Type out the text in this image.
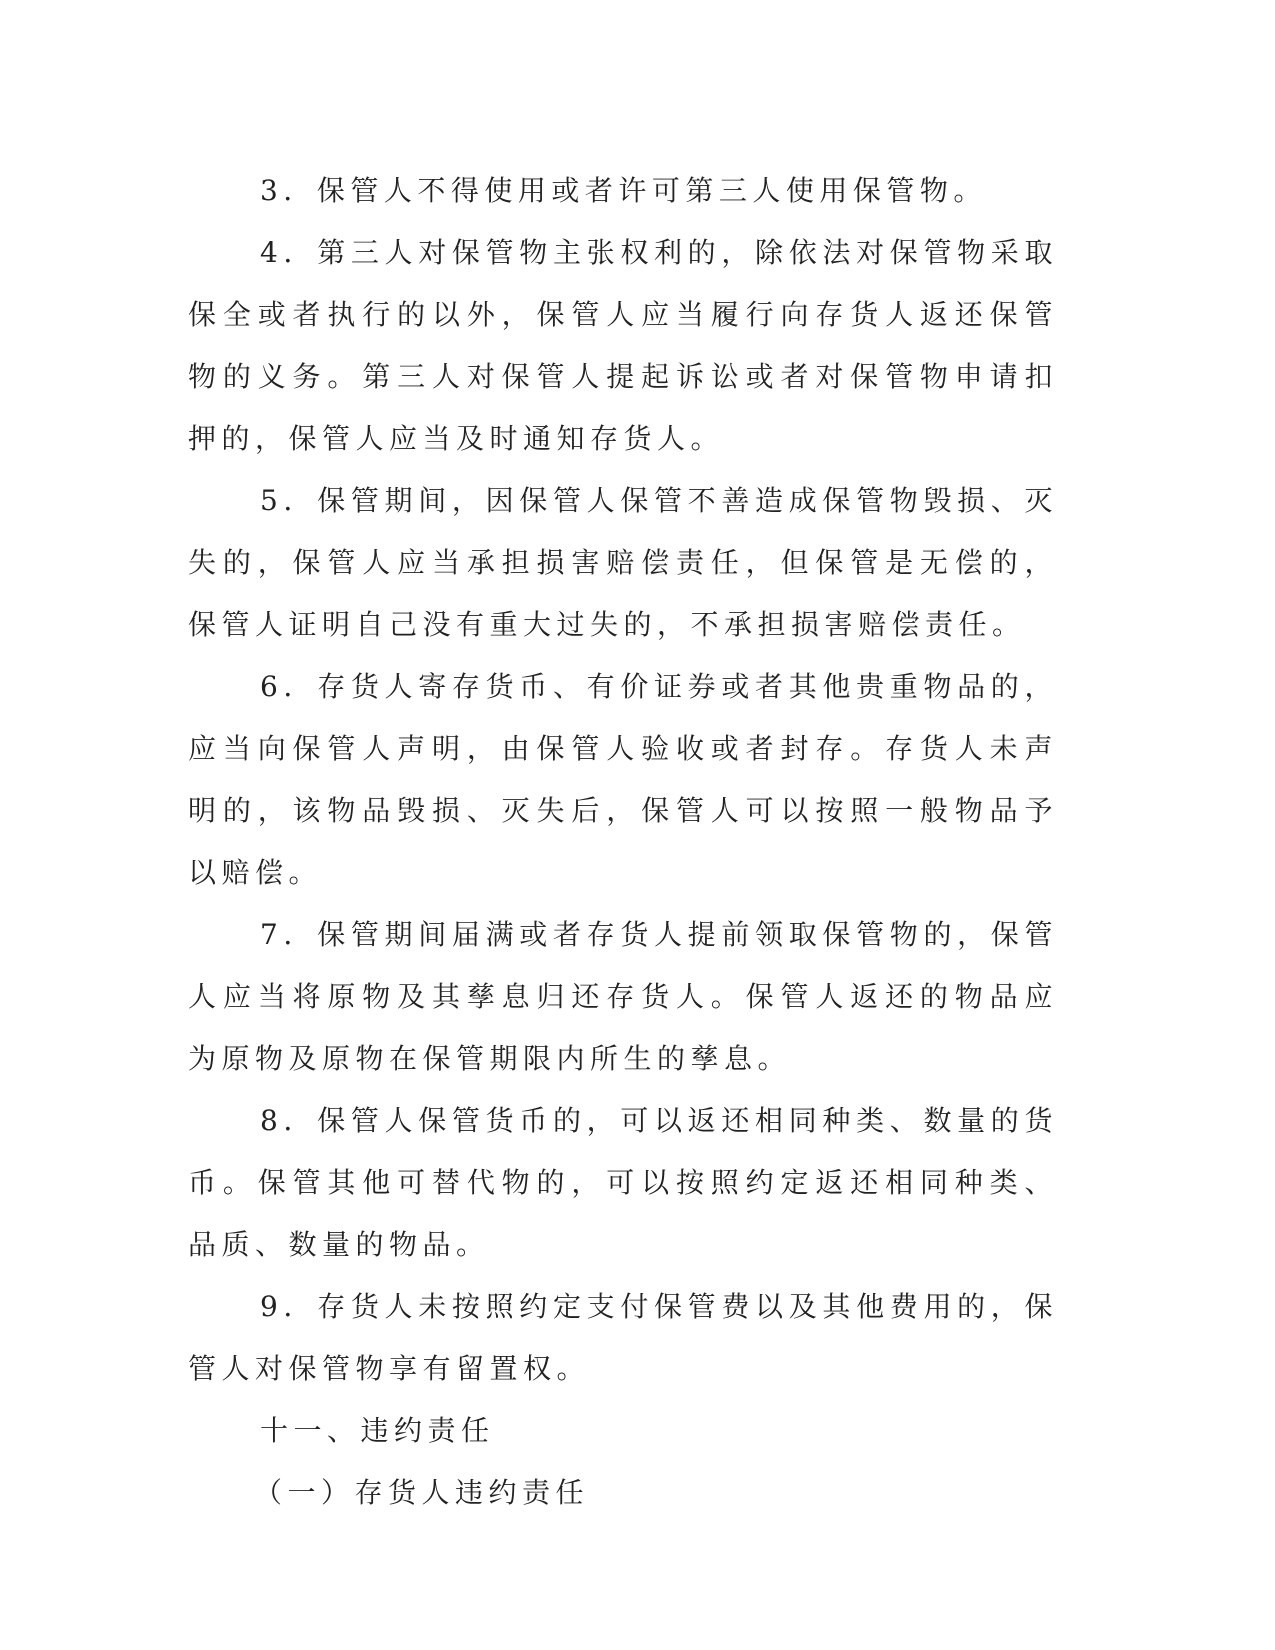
3．保管人不得使用或者许可第三人使用保管物。

4．第三人对保管物主张权利的，除依法对保管物采取保全或者执行的以外，保管人应当履行向存货人返还保管物的义务。第三人对保管人提起诉讼或者对保管物申请扣押的，保管人应当及时通知存货人。

5．保管期间，因保管人保管不善造成保管物毁损、灭失的，保管人应当承担损害赔偿责任，但保管是无偿的，保管人证明自己没有重大过失的，不承担损害赔偿责任。

6．存货人寄存货币、有价证券或者其他贵重物品的，应当向保管人声明，由保管人验收或者封存。存货人未声明的，该物品毁损、灭失后，保管人可以按照一般物品予以赔偿。

7．保管期间届满或者存货人提前领取保管物的，保管人应当将原物及其孳息归还存货人。保管人返还的物品应为原物及原物在保管期限内所生的孳息。

8．保管人保管货币的，可以返还相同种类、数量的货币。保管其他可替代物的，可以按照约定返还相同种类、品质、数量的物品。

9．存货人未按照约定支付保管费以及其他费用的，保管人对保管物享有留置权。

十一、违约责任

（一）存货人违约责任
